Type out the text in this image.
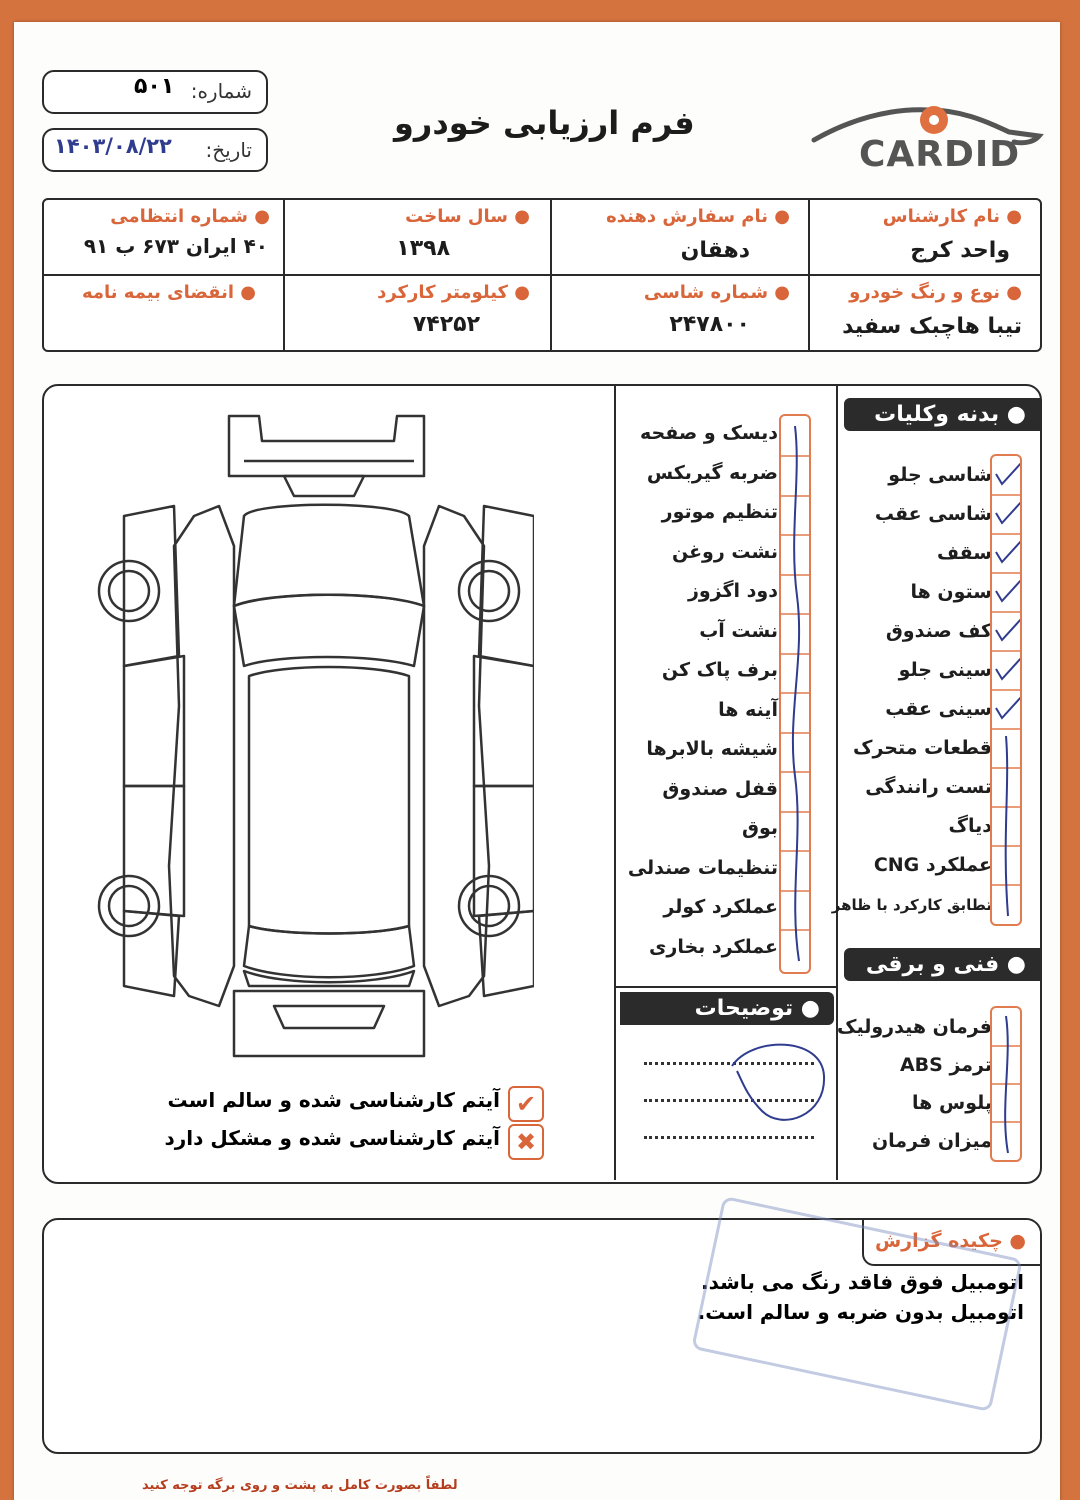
شماره:
۵۰۱
تاریخ:
۱۴۰۳/۰۸/۲۲
فرم ارزیابی خودرو
CARDID
● نام کارشناس
واحد کرج
● نام سفارش دهنده
دهقان
● سال ساخت
۱۳۹۸
● شماره انتظامی
۴۰ ایران ۶۷۳ ب ۹۱
● نوع و رنگ خودرو
تیبا هاچبک سفید
● شماره شاسی
۲۴۷۸۰۰
● کیلومتر کارکرد
۷۴۲۵۲
● انقضای بیمه نامه
✔
آیتم کارشناسی شده و سالم است
✖
آیتم کارشناسی شده و مشکل دارد
دیسک و صفحه
ضربه گیربکس
تنظیم موتور
نشت روغن
دود اگزوز
نشت آب
برف پاک کن
آینه ها
شیشه بالابرها
قفل صندوق
بوق
تنظیمات صندلی
عملکرد کولر
عملکرد بخاری
● بدنه وکلیات
شاسی جلو
شاسی عقب
سقف
ستون ها
کف صندوق
سینی جلو
سینی عقب
قطعات متحرک
تست رانندگی
دیاگ
عملکرد CNG
تطابق کارکرد با ظاهر
● فنی و برقی
فرمان هیدرولیک
ترمز ABS
پلوس ها
میزان فرمان
● توضیحات
● چکیده گزارش
اتومبیل فوق فاقد رنگ می باشد.
اتومبیل بدون ضربه و سالم است.
لطفاً بصورت کامل به پشت و روی برگه توجه کنید
